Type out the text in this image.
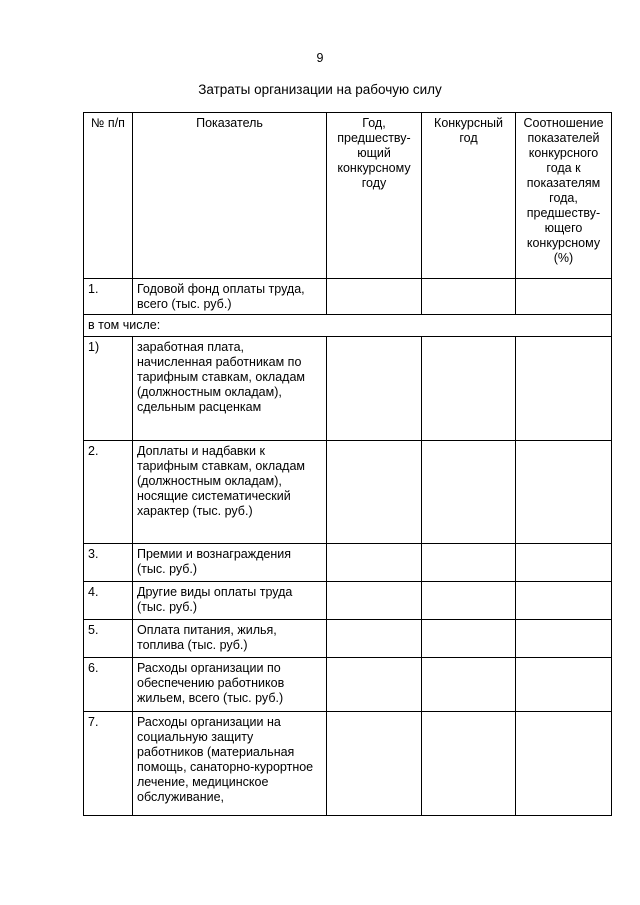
9
Затраты организации на рабочую силу
№ п/п	Показатель	Год, предшеству-ющий конкурсному году	Конкурсный год	Соотношение показателей конкурсного года к показателям года, предшеству-ющего конкурсному (%)
1.	Годовой фонд оплаты труда, всего (тыс. руб.)			
в том числе:				
1)	заработная плата, начисленная работникам по тарифным ставкам, окладам (должностным окладам), сдельным расценкам			
2.	Доплаты и надбавки к тарифным ставкам, окладам (должностным окладам), носящие систематический характер (тыс. руб.)			
3.	Премии и вознаграждения (тыс. руб.)			
4.	Другие виды оплаты труда (тыс. руб.)			
5.	Оплата питания, жилья, топлива (тыс. руб.)			
6.	Расходы организации по обеспечению работников жильем, всего (тыс. руб.)			
7.	Расходы организации на социальную защиту работников (материальная помощь, санаторно-курортное лечение, медицинское обслуживание,			
